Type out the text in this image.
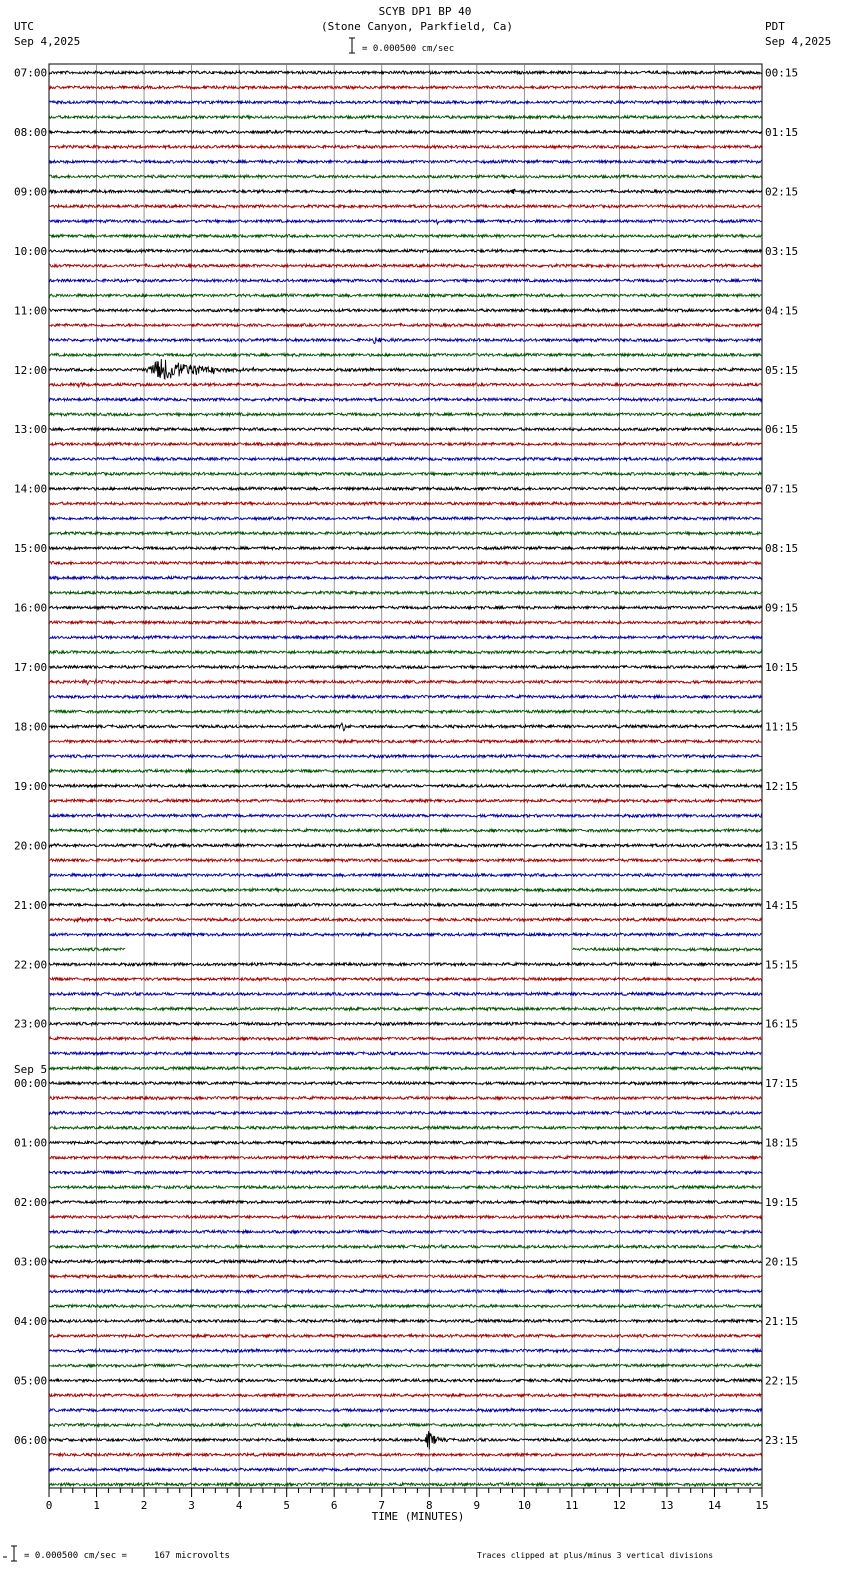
SCYB DP1 BP 40
(Stone Canyon, Parkfield, Ca)
UTC
Sep 4,2025
PDT
Sep 4,2025
= 0.000500 cm/sec
0	1	2	3	4	5	6	7	8	9	10	11	12	13	14	15
07:00
08:00
09:00
10:00
11:00
12:00
13:00
14:00
15:00
16:00
17:00
18:00
19:00
20:00
21:00
22:00
23:00
00:00
01:00
02:00
03:00
04:00
05:00
06:00
00:15
01:15
02:15
03:15
04:15
05:15
06:15
07:15
08:15
09:15
10:15
11:15
12:15
13:15
14:15
15:15
16:15
17:15
18:15
19:15
20:15
21:15
22:15
23:15
Sep 5
TIME (MINUTES)
= 0.000500 cm/sec =     167 microvolts	Traces clipped at plus/minus 3 vertical divisions
